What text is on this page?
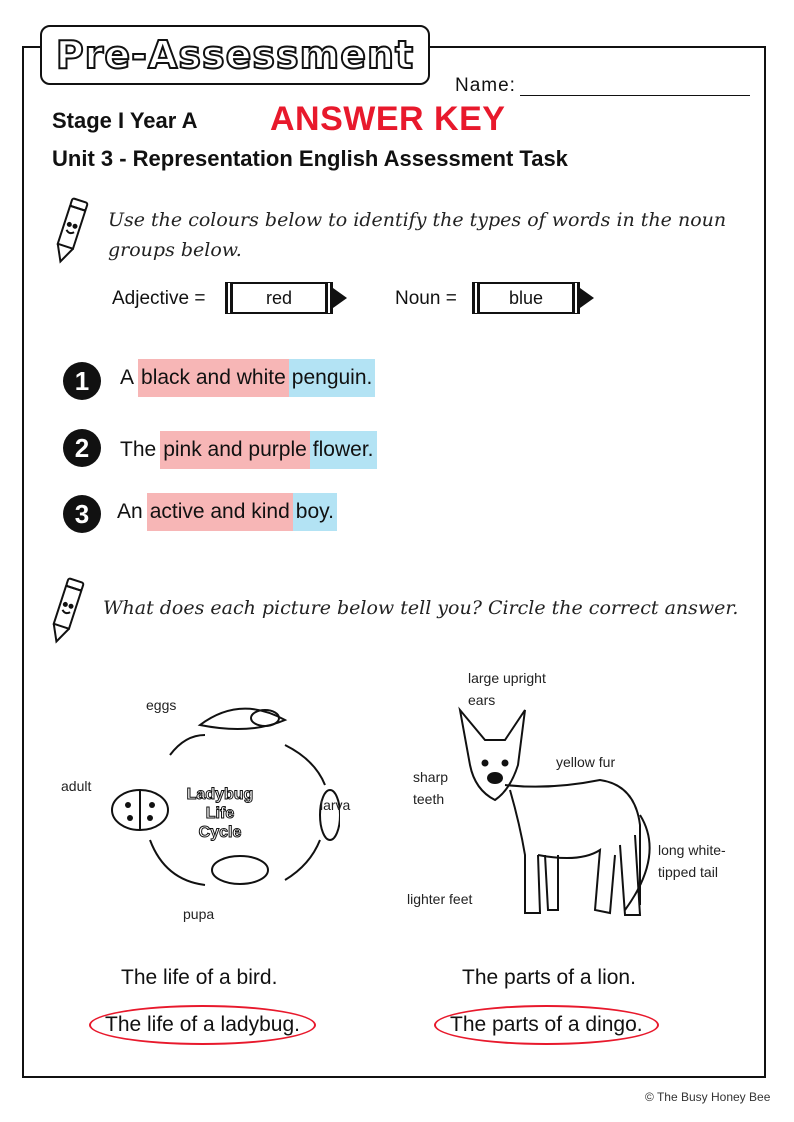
Pre-Assessment
Name:
Stage I Year A ANSWER KEY
Unit 3 - Representation English Assessment Task
Use the colours below to identify the types of words in the noun groups below.
Adjective =	red	Noun =	blue
1	A black and white penguin.
2	The pink and purple flower.
3	An active and kind boy.
What does each picture below tell you? Circle the correct answer.
Ladybug
Life
Cycle
eggs
larva
pupa
adult
large upright
ears
sharp
teeth
yellow fur
long white-
tipped tail
lighter feet
The life of a bird.
The life of a ladybug.
The parts of a lion.
The parts of a dingo.
© The Busy Honey Bee
